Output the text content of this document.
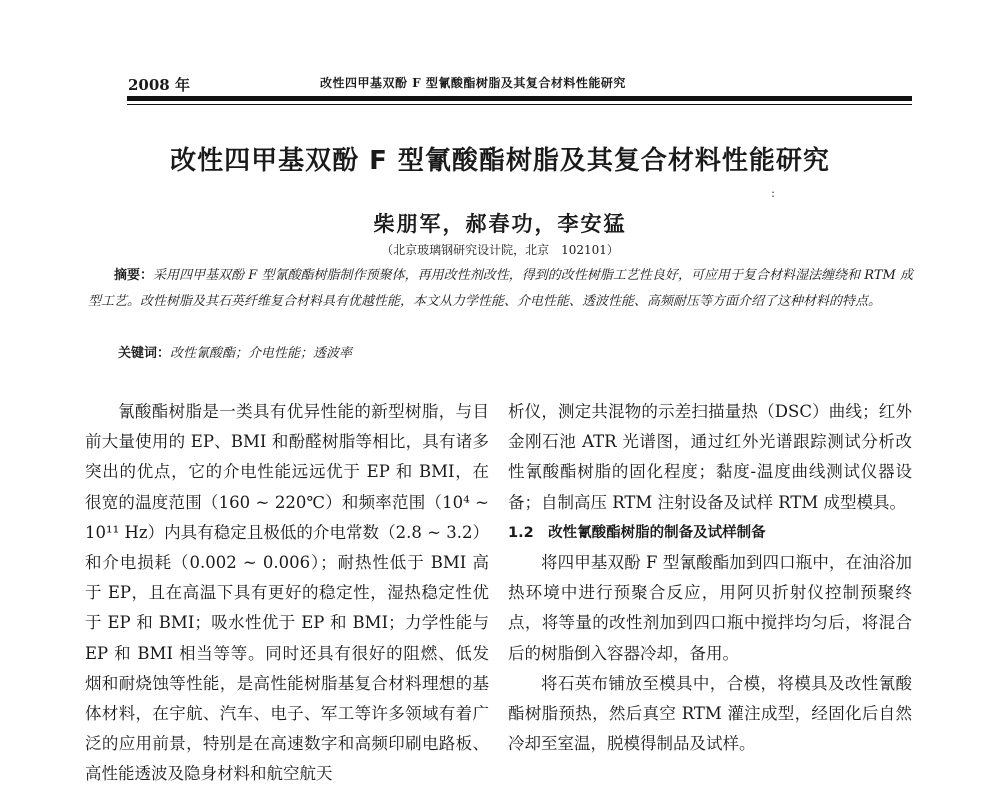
2008 年	改性四甲基双酚 F 型氰酸酯树脂及其复合材料性能研究
改性四甲基双酚 F 型氰酸酯树脂及其复合材料性能研究
:
柴朋军，郝春功，李安猛
（北京玻璃钢研究设计院，北京　102101）
摘要：采用四甲基双酚 F 型氰酸酯树脂制作预聚体，再用改性剂改性，得到的改性树脂工艺性良好，可应用于复合材料湿法缠绕和 RTM 成型工艺。改性树脂及其石英纤维复合材料具有优越性能，本文从力学性能、介电性能、透波性能、高频耐压等方面介绍了这种材料的特点。
关键词：改性氰酸酯；介电性能；透波率

氰酸酯树脂是一类具有优异性能的新型树脂，与目前大量使用的 EP、BMI 和酚醛树脂等相比，具有诸多突出的优点，它的介电性能远远优于 EP 和 BMI，在很宽的温度范围（160 ~ 220℃）和频率范围（10⁴ ~ 10¹¹ Hz）内具有稳定且极低的介电常数（2.8 ~ 3.2）和介电损耗（0.002 ~ 0.006）；耐热性低于 BMI 高于 EP，且在高温下具有更好的稳定性，湿热稳定性优于 EP 和 BMI；吸水性优于 EP 和 BMI；力学性能与 EP 和 BMI 相当等等。同时还具有很好的阻燃、低发烟和耐烧蚀等性能，是高性能树脂基复合材料理想的基体材料，在宇航、汽车、电子、军工等许多领域有着广泛的应用前景，特别是在高速数字和高频印刷电路板、高性能透波及隐身材料和航空航天

析仪，测定共混物的示差扫描量热（DSC）曲线；红外金刚石池 ATR 光谱图，通过红外光谱跟踪测试分析改性氰酸酯树脂的固化程度；黏度-温度曲线测试仪器设备；自制高压 RTM 注射设备及试样 RTM 成型模具。

1.2　改性氰酸酯树脂的制备及试样制备

将四甲基双酚 F 型氰酸酯加到四口瓶中，在油浴加热环境中进行预聚合反应，用阿贝折射仪控制预聚终点，将等量的改性剂加到四口瓶中搅拌均匀后，将混合后的树脂倒入容器冷却，备用。

将石英布铺放至模具中，合模，将模具及改性氰酸酯树脂预热，然后真空 RTM 灌注成型，经固化后自然冷却至室温，脱模得制品及试样。
